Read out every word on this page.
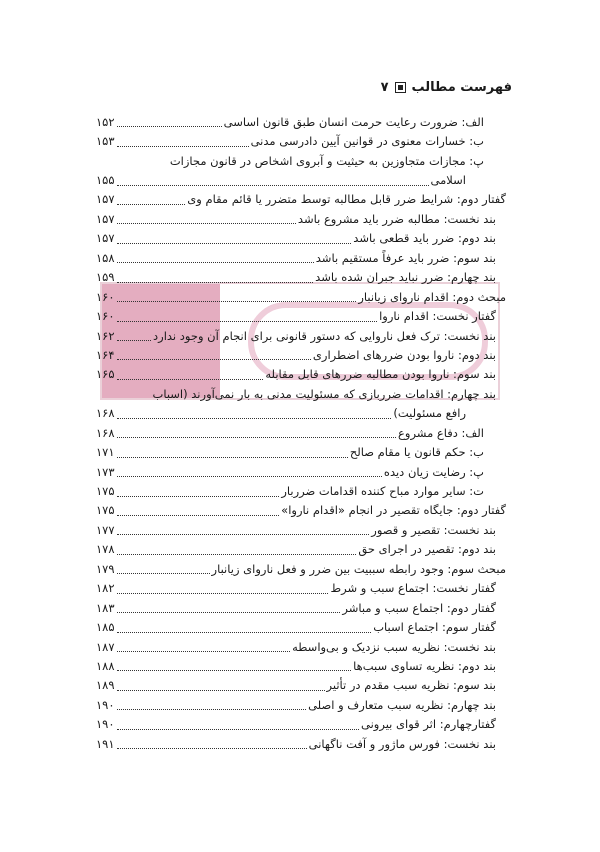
فهرست مطالب
۷
الف: ضرورت رعایت حرمت انسان طبق قانون اساسی
۱۵۲
ب: خسارات معنوی در قوانین آیین دادرسی مدنی
۱۵۳
پ: مجازات متجاوزین به حیثیت و آبروی اشخاص در قانون مجازات
اسلامی
۱۵۵
گفتار دوم: شرایط ضرر قابل مطالبه توسط متضرر یا قائم مقام وی
۱۵۷
بند نخست: مطالبه ضرر باید مشروع باشد
۱۵۷
بند دوم: ضرر باید قطعی باشد
۱۵۷
بند سوم: ضرر باید عرفاً مستقیم باشد
۱۵۸
بند چهارم: ضرر نباید جبران شده باشد
۱۵۹
مبحث دوم: اقدام ناروای زیانبار
۱۶۰
گفتار نخست: اقدام ناروا
۱۶۰
بند نخست: ترک فعل ناروایی که دستور قانونی برای انجام آن وجود ندارد
۱۶۲
بند دوم: ناروا بودن ضررهای اضطراری
۱۶۴
بند سوم: ناروا بودن مطالبه ضررهای قابل مقابله
۱۶۵
بند چهارم: اقدامات ضرربازی که مسئولیت مدنی به بار نمی‌آورند (اسباب
رافع مسئولیت)
۱۶۸
الف: دفاع مشروع
۱۶۸
ب: حکم قانون یا مقام صالح
۱۷۱
پ: رضایت زیان دیده
۱۷۳
ت: سایر موارد مباح کننده اقدامات ضرربار
۱۷۵
گفتار دوم: جایگاه تقصیر در انجام «اقدام ناروا»
۱۷۵
بند نخست: تقصیر و قصور
۱۷۷
بند دوم: تقصیر در اجرای حق
۱۷۸
مبحث سوم: وجود رابطه سببیت بین ضرر و فعل ناروای زیانبار
۱۷۹
گفتار نخست: اجتماع سبب و شرط
۱۸۲
گفتار دوم: اجتماع سبب و مباشر
۱۸۳
گفتار سوم: اجتماع اسباب
۱۸۵
بند نخست: نظریه سبب نزدیک و بی‌واسطه
۱۸۷
بند دوم: نظریه تساوی سبب‌ها
۱۸۸
بند سوم: نظریه سبب مقدم در تأثیر
۱۸۹
بند چهارم: نظریه سبب متعارف و اصلی
۱۹۰
گفتارچهارم: اثر قوای بیرونی
۱۹۰
بند نخست: فورس ماژور و آفت ناگهانی
۱۹۱
